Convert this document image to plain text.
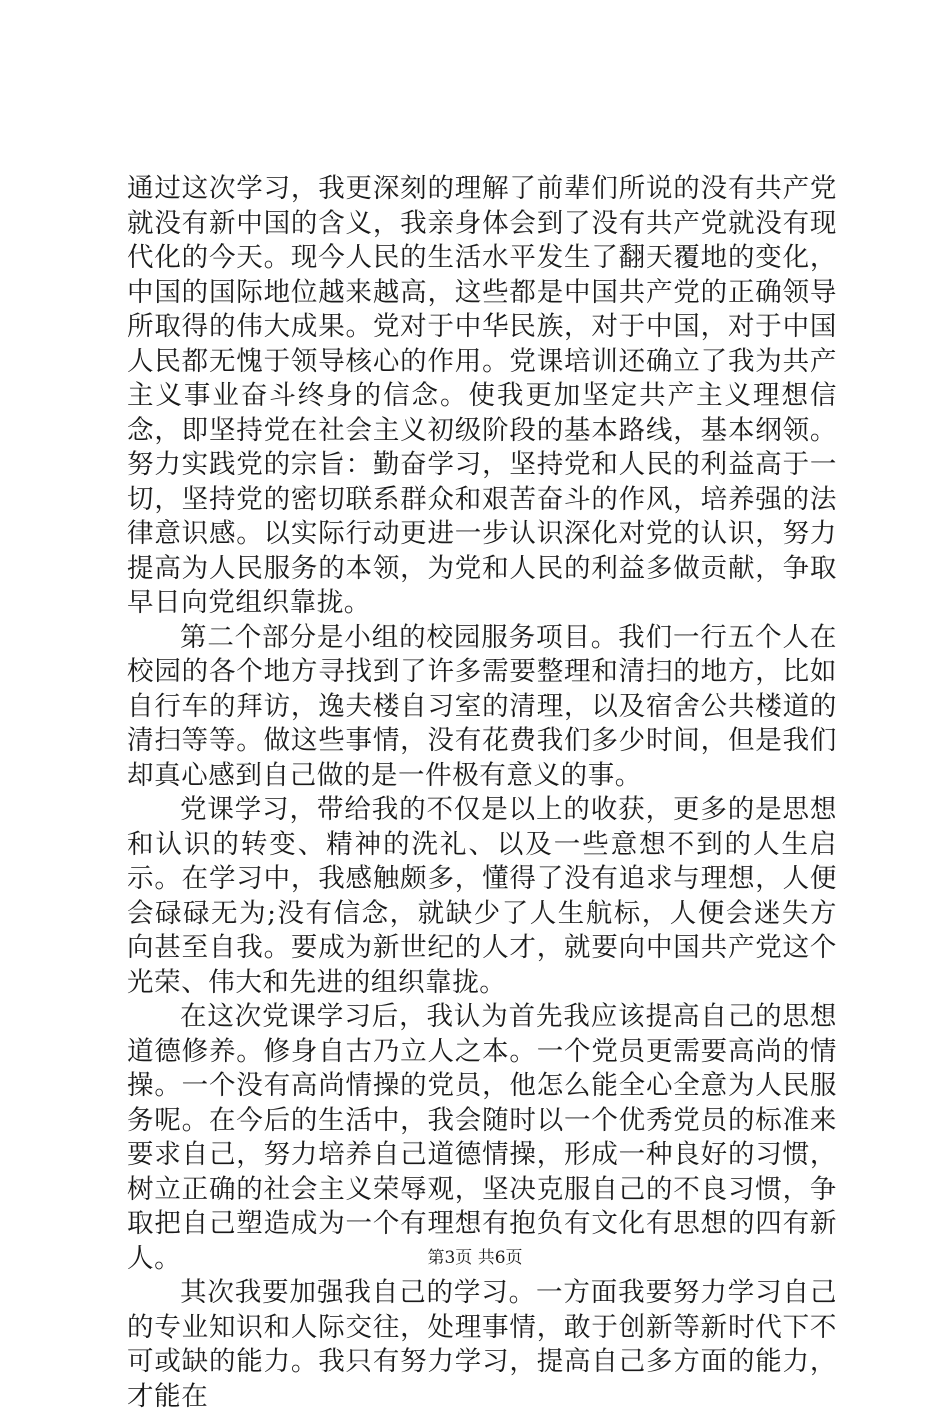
通过这次学习，我更深刻的理解了前辈们所说的没有共产党就没有新中国的含义，我亲身体会到了没有共产党就没有现代化的今天。现今人民的生活水平发生了翻天覆地的变化，中国的国际地位越来越高，这些都是中国共产党的正确领导所取得的伟大成果。党对于中华民族，对于中国，对于中国人民都无愧于领导核心的作用。党课培训还确立了我为共产主义事业奋斗终身的信念。使我更加坚定共产主义理想信念，即坚持党在社会主义初级阶段的基本路线，基本纲领。努力实践党的宗旨：勤奋学习，坚持党和人民的利益高于一切，坚持党的密切联系群众和艰苦奋斗的作风，培养强的法律意识感。以实际行动更进一步认识深化对党的认识，努力提高为人民服务的本领，为党和人民的利益多做贡献，争取早日向党组织靠拢。

第二个部分是小组的校园服务项目。我们一行五个人在校园的各个地方寻找到了许多需要整理和清扫的地方，比如自行车的拜访，逸夫楼自习室的清理，以及宿舍公共楼道的清扫等等。做这些事情，没有花费我们多少时间，但是我们却真心感到自己做的是一件极有意义的事。

党课学习，带给我的不仅是以上的收获，更多的是思想和认识的转变、精神的洗礼、以及一些意想不到的人生启示。在学习中，我感触颇多，懂得了没有追求与理想，人便会碌碌无为;没有信念，就缺少了人生航标，人便会迷失方向甚至自我。要成为新世纪的人才，就要向中国共产党这个光荣、伟大和先进的组织靠拢。

在这次党课学习后，我认为首先我应该提高自己的思想道德修养。修身自古乃立人之本。一个党员更需要高尚的情操。一个没有高尚情操的党员，他怎么能全心全意为人民服务呢。在今后的生活中，我会随时以一个优秀党员的标准来要求自己，努力培养自己道德情操，形成一种良好的习惯，树立正确的社会主义荣辱观，坚决克服自己的不良习惯，争取把自己塑造成为一个有理想有抱负有文化有思想的四有新人。

其次我要加强我自己的学习。一方面我要努力学习自己的专业知识和人际交往，处理事情，敢于创新等新时代下不可或缺的能力。我只有努力学习，提高自己多方面的能力，才能在

第3页 共6页
